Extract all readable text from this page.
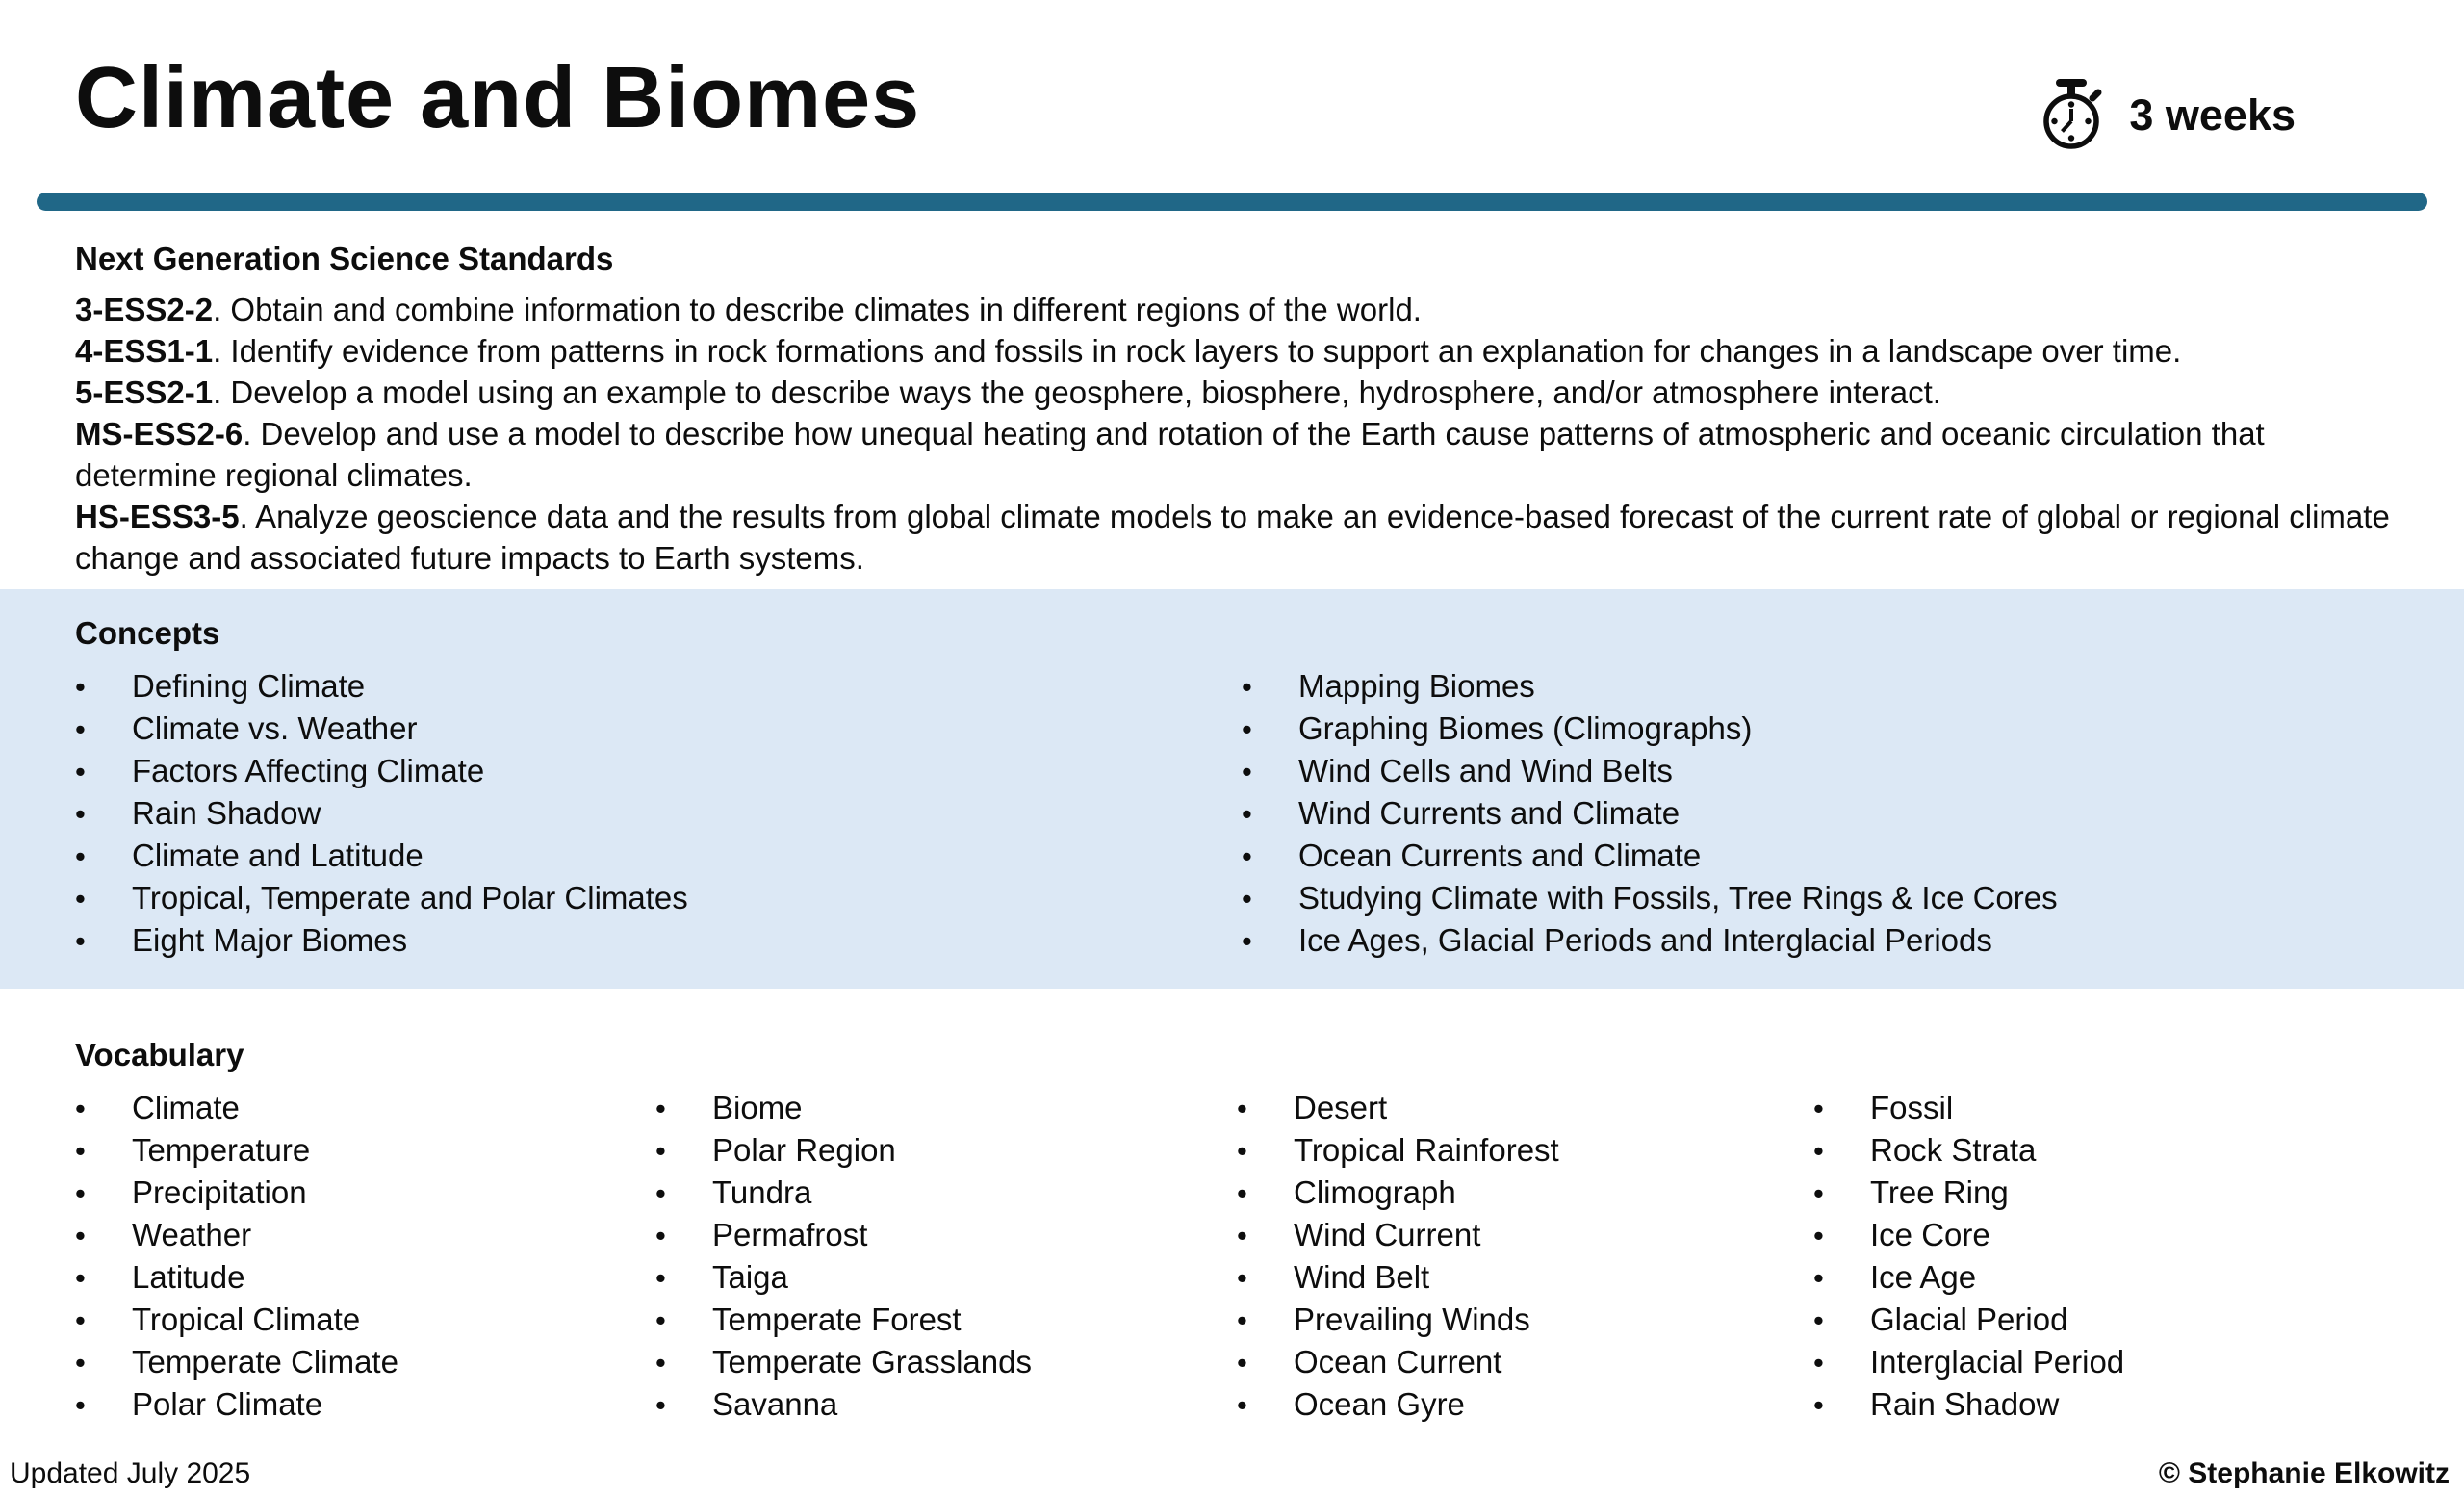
Climate and Biomes	3 weeks
Next Generation Science Standards

3-ESS2-2. Obtain and combine information to describe climates in different regions of the world.

4-ESS1-1. Identify evidence from patterns in rock formations and fossils in rock layers to support an explanation for changes in a landscape over time.

5-ESS2-1. Develop a model using an example to describe ways the geosphere, biosphere, hydrosphere, and/or atmosphere interact.

MS-ESS2-6. Develop and use a model to describe how unequal heating and rotation of the Earth cause patterns of atmospheric and oceanic circulation that determine regional climates.

HS-ESS3-5. Analyze geoscience data and the results from global climate models to make an evidence-based forecast of the current rate of global or regional climate change and associated future impacts to Earth systems.

Concepts
•	Defining Climate
•	Climate vs. Weather
•	Factors Affecting Climate
•	Rain Shadow
•	Climate and Latitude
•	Tropical, Temperate and Polar Climates
•	Eight Major Biomes
•	Mapping Biomes
•	Graphing Biomes (Climographs)
•	Wind Cells and Wind Belts
•	Wind Currents and Climate
•	Ocean Currents and Climate
•	Studying Climate with Fossils, Tree Rings & Ice Cores
•	Ice Ages, Glacial Periods and Interglacial Periods
Vocabulary
•	Climate
•	Temperature
•	Precipitation
•	Weather
•	Latitude
•	Tropical Climate
•	Temperate Climate
•	Polar Climate
•	Biome
•	Polar Region
•	Tundra
•	Permafrost
•	Taiga
•	Temperate Forest
•	Temperate Grasslands
•	Savanna
•	Desert
•	Tropical Rainforest
•	Climograph
•	Wind Current
•	Wind Belt
•	Prevailing Winds
•	Ocean Current
•	Ocean Gyre
•	Fossil
•	Rock Strata
•	Tree Ring
•	Ice Core
•	Ice Age
•	Glacial Period
•	Interglacial Period
•	Rain Shadow
Updated July 2025	© Stephanie Elkowitz
